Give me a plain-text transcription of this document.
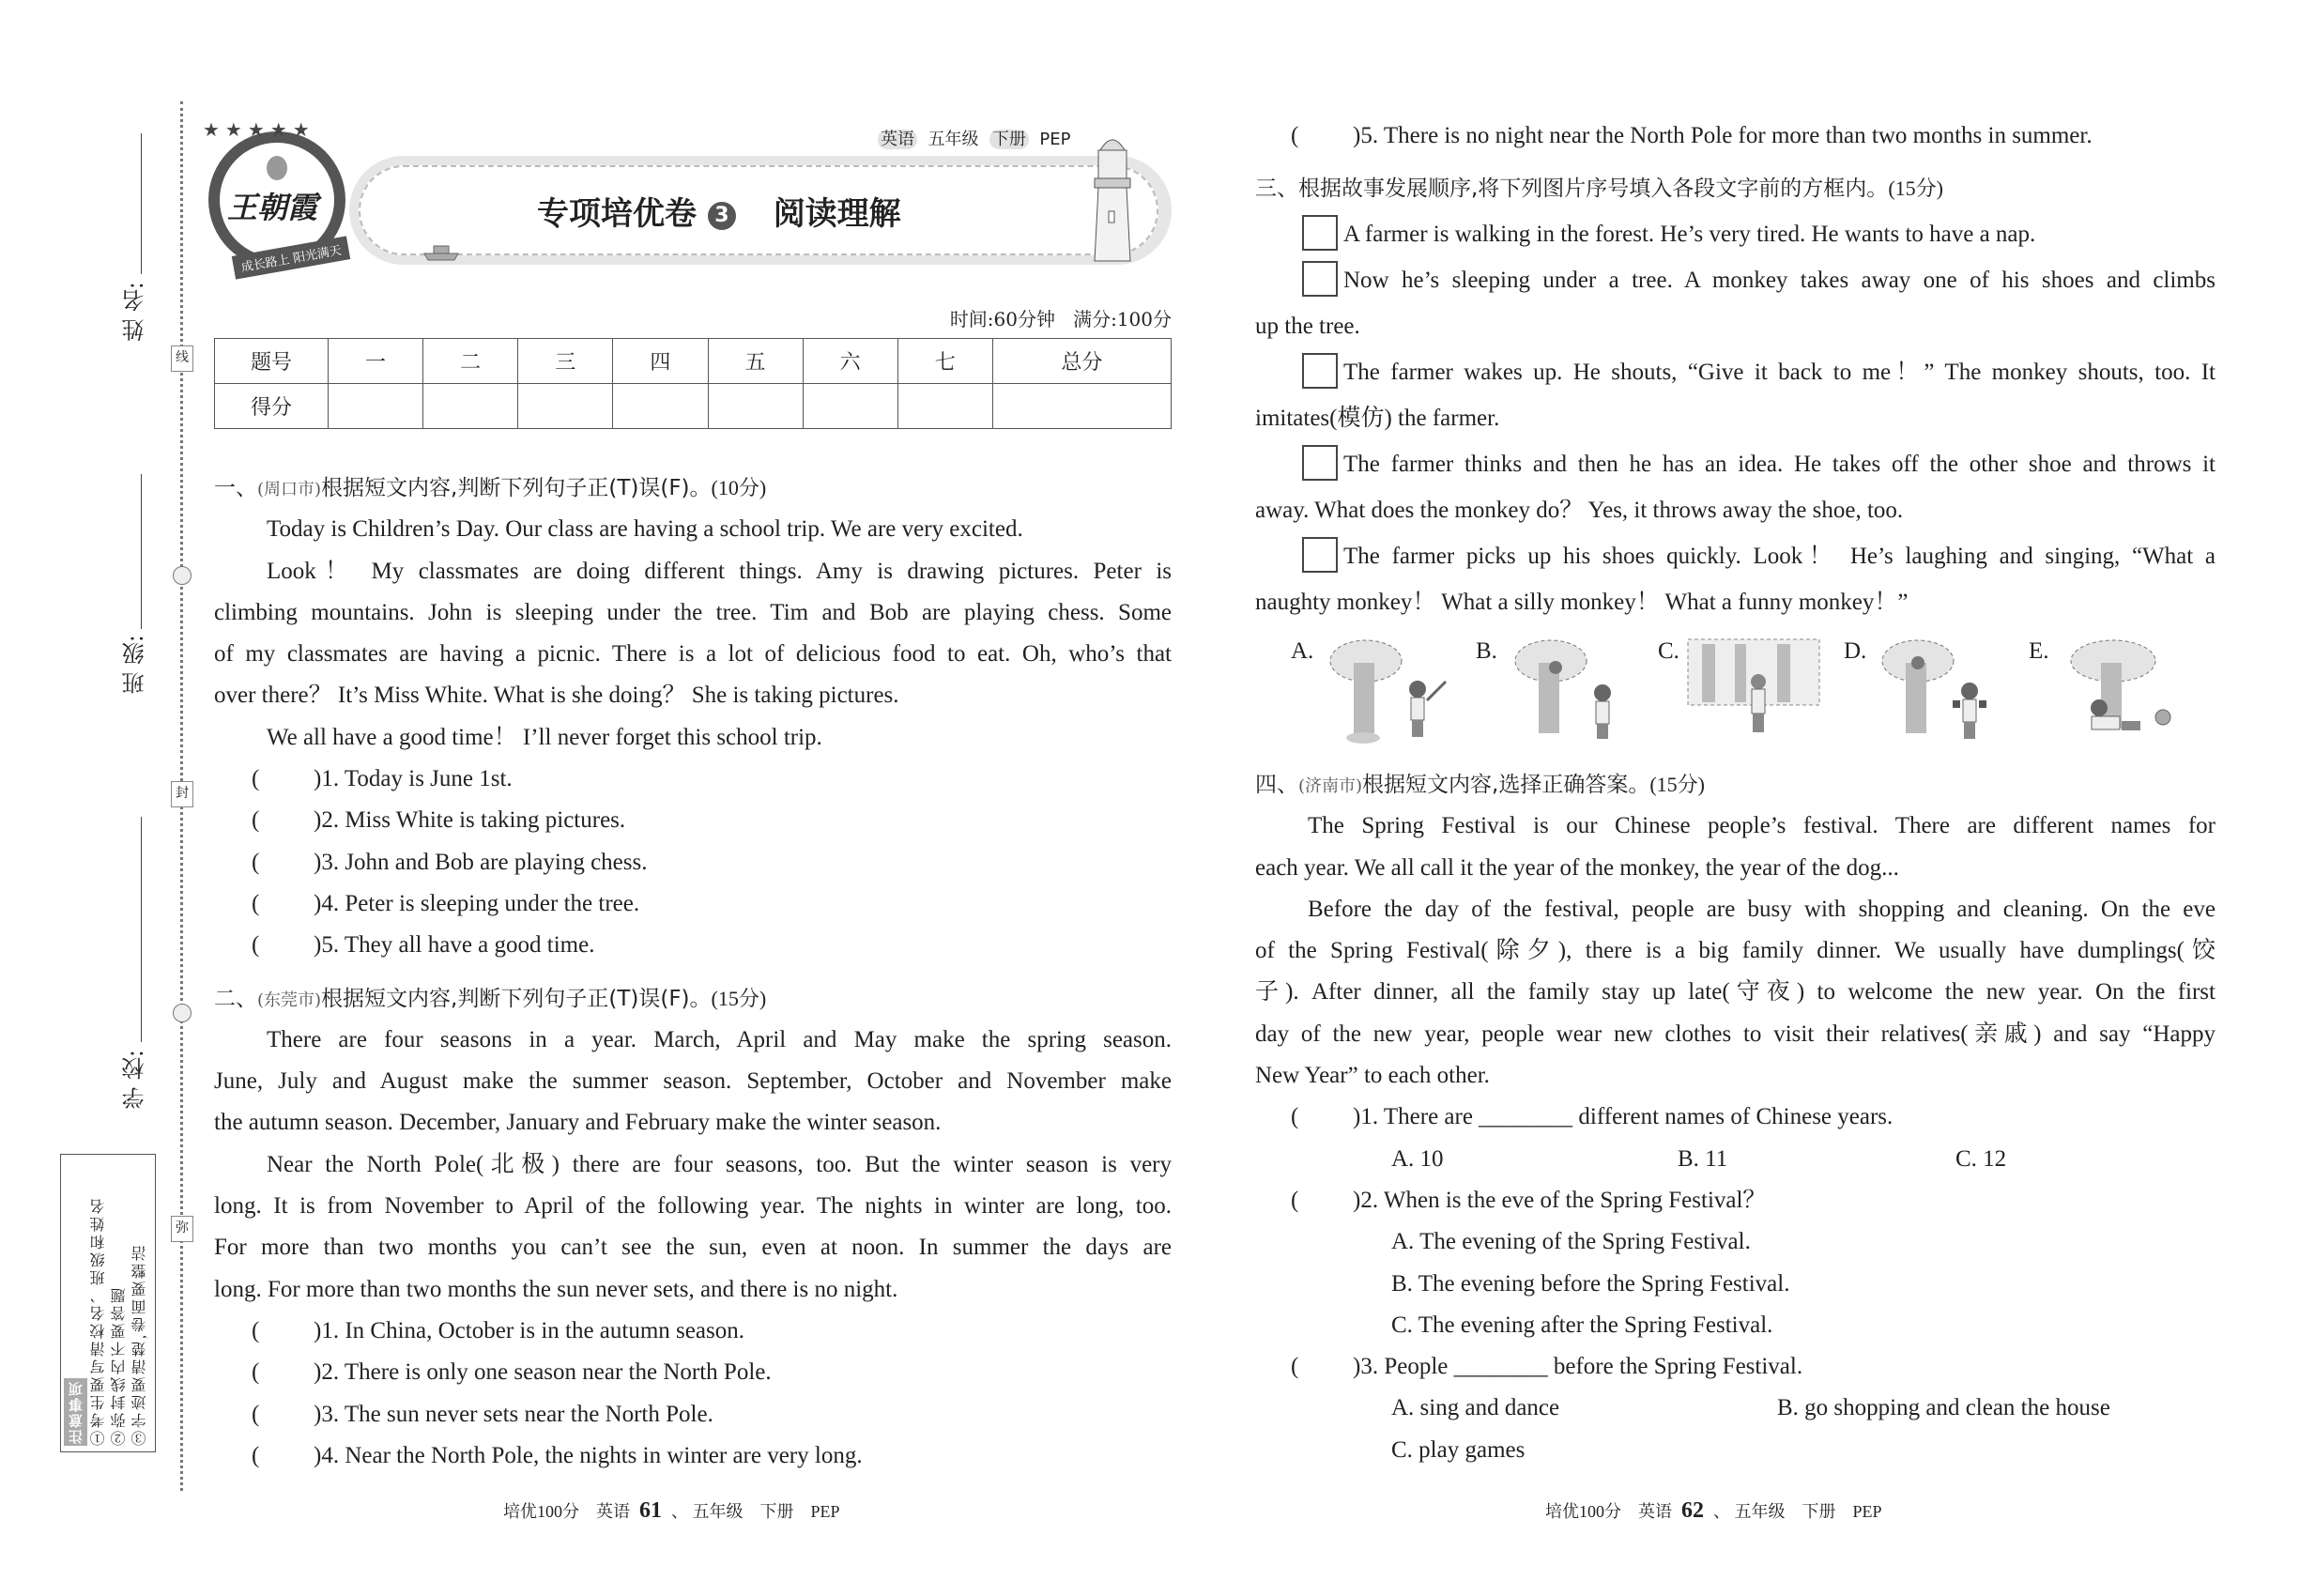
线
封
弥
姓 名:
班 级:
学 校:
①考生要写清校名、班级和姓名 ②弥封线内不要答题 ③字迹要清楚,卷面要整洁
注意事项
王朝霞
★★★★★
成长路上 阳光满天
英语 五年级 下册 PEP
专项培优卷 3 阅读理解
时间:60分钟 满分:100分
题号	一	二	三	四	五	六	七	总分
得分								
一、(周口市)根据短文内容,判断下列句子正(T)误(F)。(10分)
Today is Children’s Day. Our class are having a school trip. We are very excited.
Look！ My classmates are doing different things. Amy is drawing pictures. Peter is
climbing mountains. John is sleeping under the tree. Tim and Bob are playing chess. Some
of my classmates are having a picnic. There is a lot of delicious food to eat. Oh, who’s that
over there？ It’s Miss White. What is she doing？ She is taking pictures.
We all have a good time！ I’ll never forget this school trip.
( )1. Today is June 1st.
( )2. Miss White is taking pictures.
( )3. John and Bob are playing chess.
( )4. Peter is sleeping under the tree.
( )5. They all have a good time.
二、(东莞市)根据短文内容,判断下列句子正(T)误(F)。(15分)
There are four seasons in a year. March, April and May make the spring season.
June, July and August make the summer season. September, October and November make
the autumn season. December, January and February make the winter season.
Near the North Pole(北极) there are four seasons, too. But the winter season is very
long. It is from November to April of the following year. The nights in winter are long, too.
For more than two months you can’t see the sun, even at noon. In summer the days are
long. For more than two months the sun never sets, and there is no night.
( )1. In China, October is in the autumn season.
( )2. There is only one season near the North Pole.
( )3. The sun never sets near the North Pole.
( )4. Near the North Pole, the nights in winter are very long.
( )5. There is no night near the North Pole for more than two months in summer.
三、根据故事发展顺序,将下列图片序号填入各段文字前的方框内。(15分)
A farmer is walking in the forest. He’s very tired. He wants to have a nap.
Now he’s sleeping under a tree. A monkey takes away one of his shoes and climbs
up the tree.
The farmer wakes up. He shouts, “Give it back to me！” The monkey shouts, too. It
imitates(模仿) the farmer.
The farmer thinks and then he has an idea. He takes off the other shoe and throws it
away. What does the monkey do？ Yes, it throws away the shoe, too.
The farmer picks up his shoes quickly. Look！ He’s laughing and singing, “What a
naughty monkey！ What a silly monkey！ What a funny monkey！”
A.	B.	C.	D.	E.
四、(济南市)根据短文内容,选择正确答案。(15分)
The Spring Festival is our Chinese people’s festival. There are different names for
each year. We all call it the year of the monkey, the year of the dog...
Before the day of the festival, people are busy with shopping and cleaning. On the eve
of the Spring Festival(除夕), there is a big family dinner. We usually have dumplings(饺
子). After dinner, all the family stay up late(守夜) to welcome the new year. On the first
day of the new year, people wear new clothes to visit their relatives(亲戚) and say “Happy
New Year” to each other.
( )1. There are ________ different names of Chinese years.
A. 10	B. 11	C. 12
( )2. When is the eve of the Spring Festival？
A. The evening of the Spring Festival.
B. The evening before the Spring Festival.
C. The evening after the Spring Festival.
( )3. People ________ before the Spring Festival.
A. sing and dance	B. go shopping and clean the house
C. play games
培优100分　英语 61 、 五年级　下册　PEP	培优100分　英语 62 、 五年级　下册　PEP
